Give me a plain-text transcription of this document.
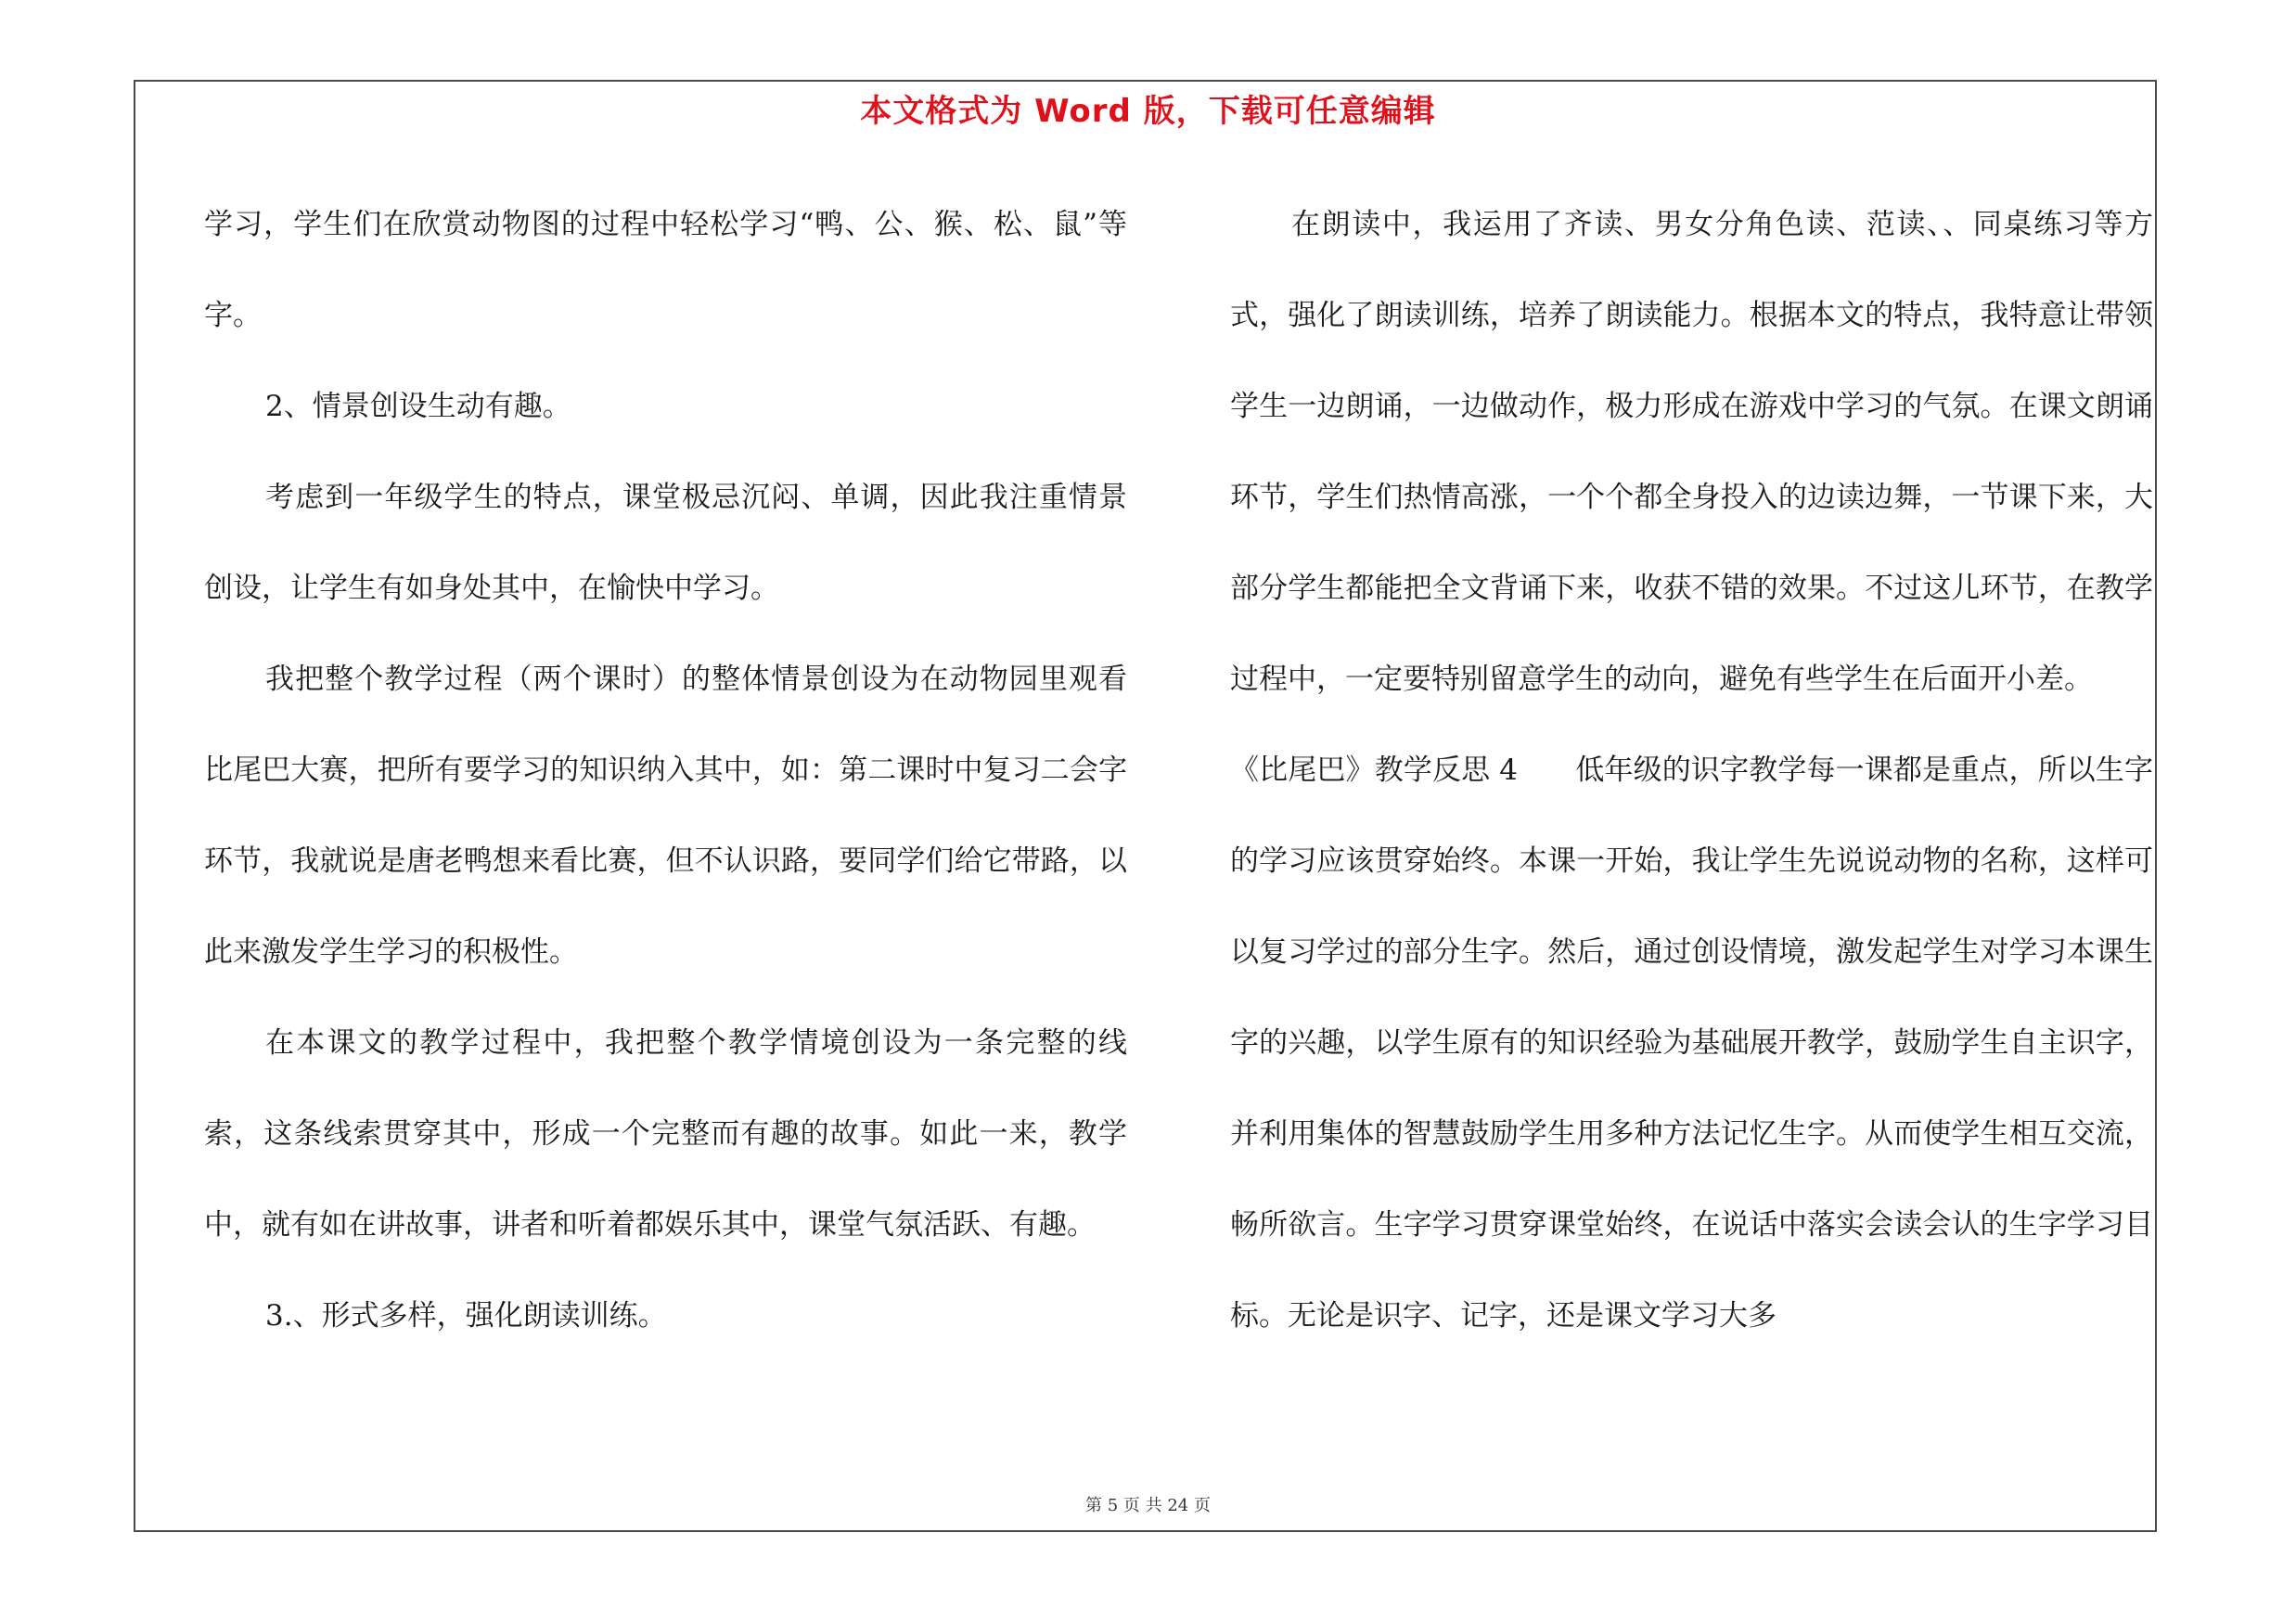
本文格式为 Word 版，下载可任意编辑

学习，学生们在欣赏动物图的过程中轻松学习“鸭、公、猴、松、鼠”等字。

2、情景创设生动有趣。

考虑到一年级学生的特点，课堂极忌沉闷、单调，因此我注重情景创设，让学生有如身处其中，在愉快中学习。

我把整个教学过程（两个课时）的整体情景创设为在动物园里观看比尾巴大赛，把所有要学习的知识纳入其中，如：第二课时中复习二会字环节，我就说是唐老鸭想来看比赛，但不认识路，要同学们给它带路，以此来激发学生学习的积极性。

在本课文的教学过程中，我把整个教学情境创设为一条完整的线索，这条线索贯穿其中，形成一个完整而有趣的故事。如此一来，教学中，就有如在讲故事，讲者和听着都娱乐其中，课堂气氛活跃、有趣。

3.、形式多样，强化朗读训练。

在朗读中，我运用了齐读、男女分角色读、范读、、同桌练习等方式，强化了朗读训练，培养了朗读能力。根据本文的特点，我特意让带领学生一边朗诵，一边做动作，极力形成在游戏中学习的气氛。在课文朗诵环节，学生们热情高涨，一个个都全身投入的边读边舞，一节课下来，大部分学生都能把全文背诵下来，收获不错的效果。不过这儿环节，在教学过程中，一定要特别留意学生的动向，避免有些学生在后面开小差。

《比尾巴》教学反思 4　　低年级的识字教学每一课都是重点，所以生字的学习应该贯穿始终。本课一开始，我让学生先说说动物的名称，这样可以复习学过的部分生字。然后，通过创设情境，激发起学生对学习本课生字的兴趣，以学生原有的知识经验为基础展开教学，鼓励学生自主识字，并利用集体的智慧鼓励学生用多种方法记忆生字。从而使学生相互交流，畅所欲言。生字学习贯穿课堂始终，在说话中落实会读会认的生字学习目标。无论是识字、记字，还是课文学习大多

第 5 页 共 24 页
